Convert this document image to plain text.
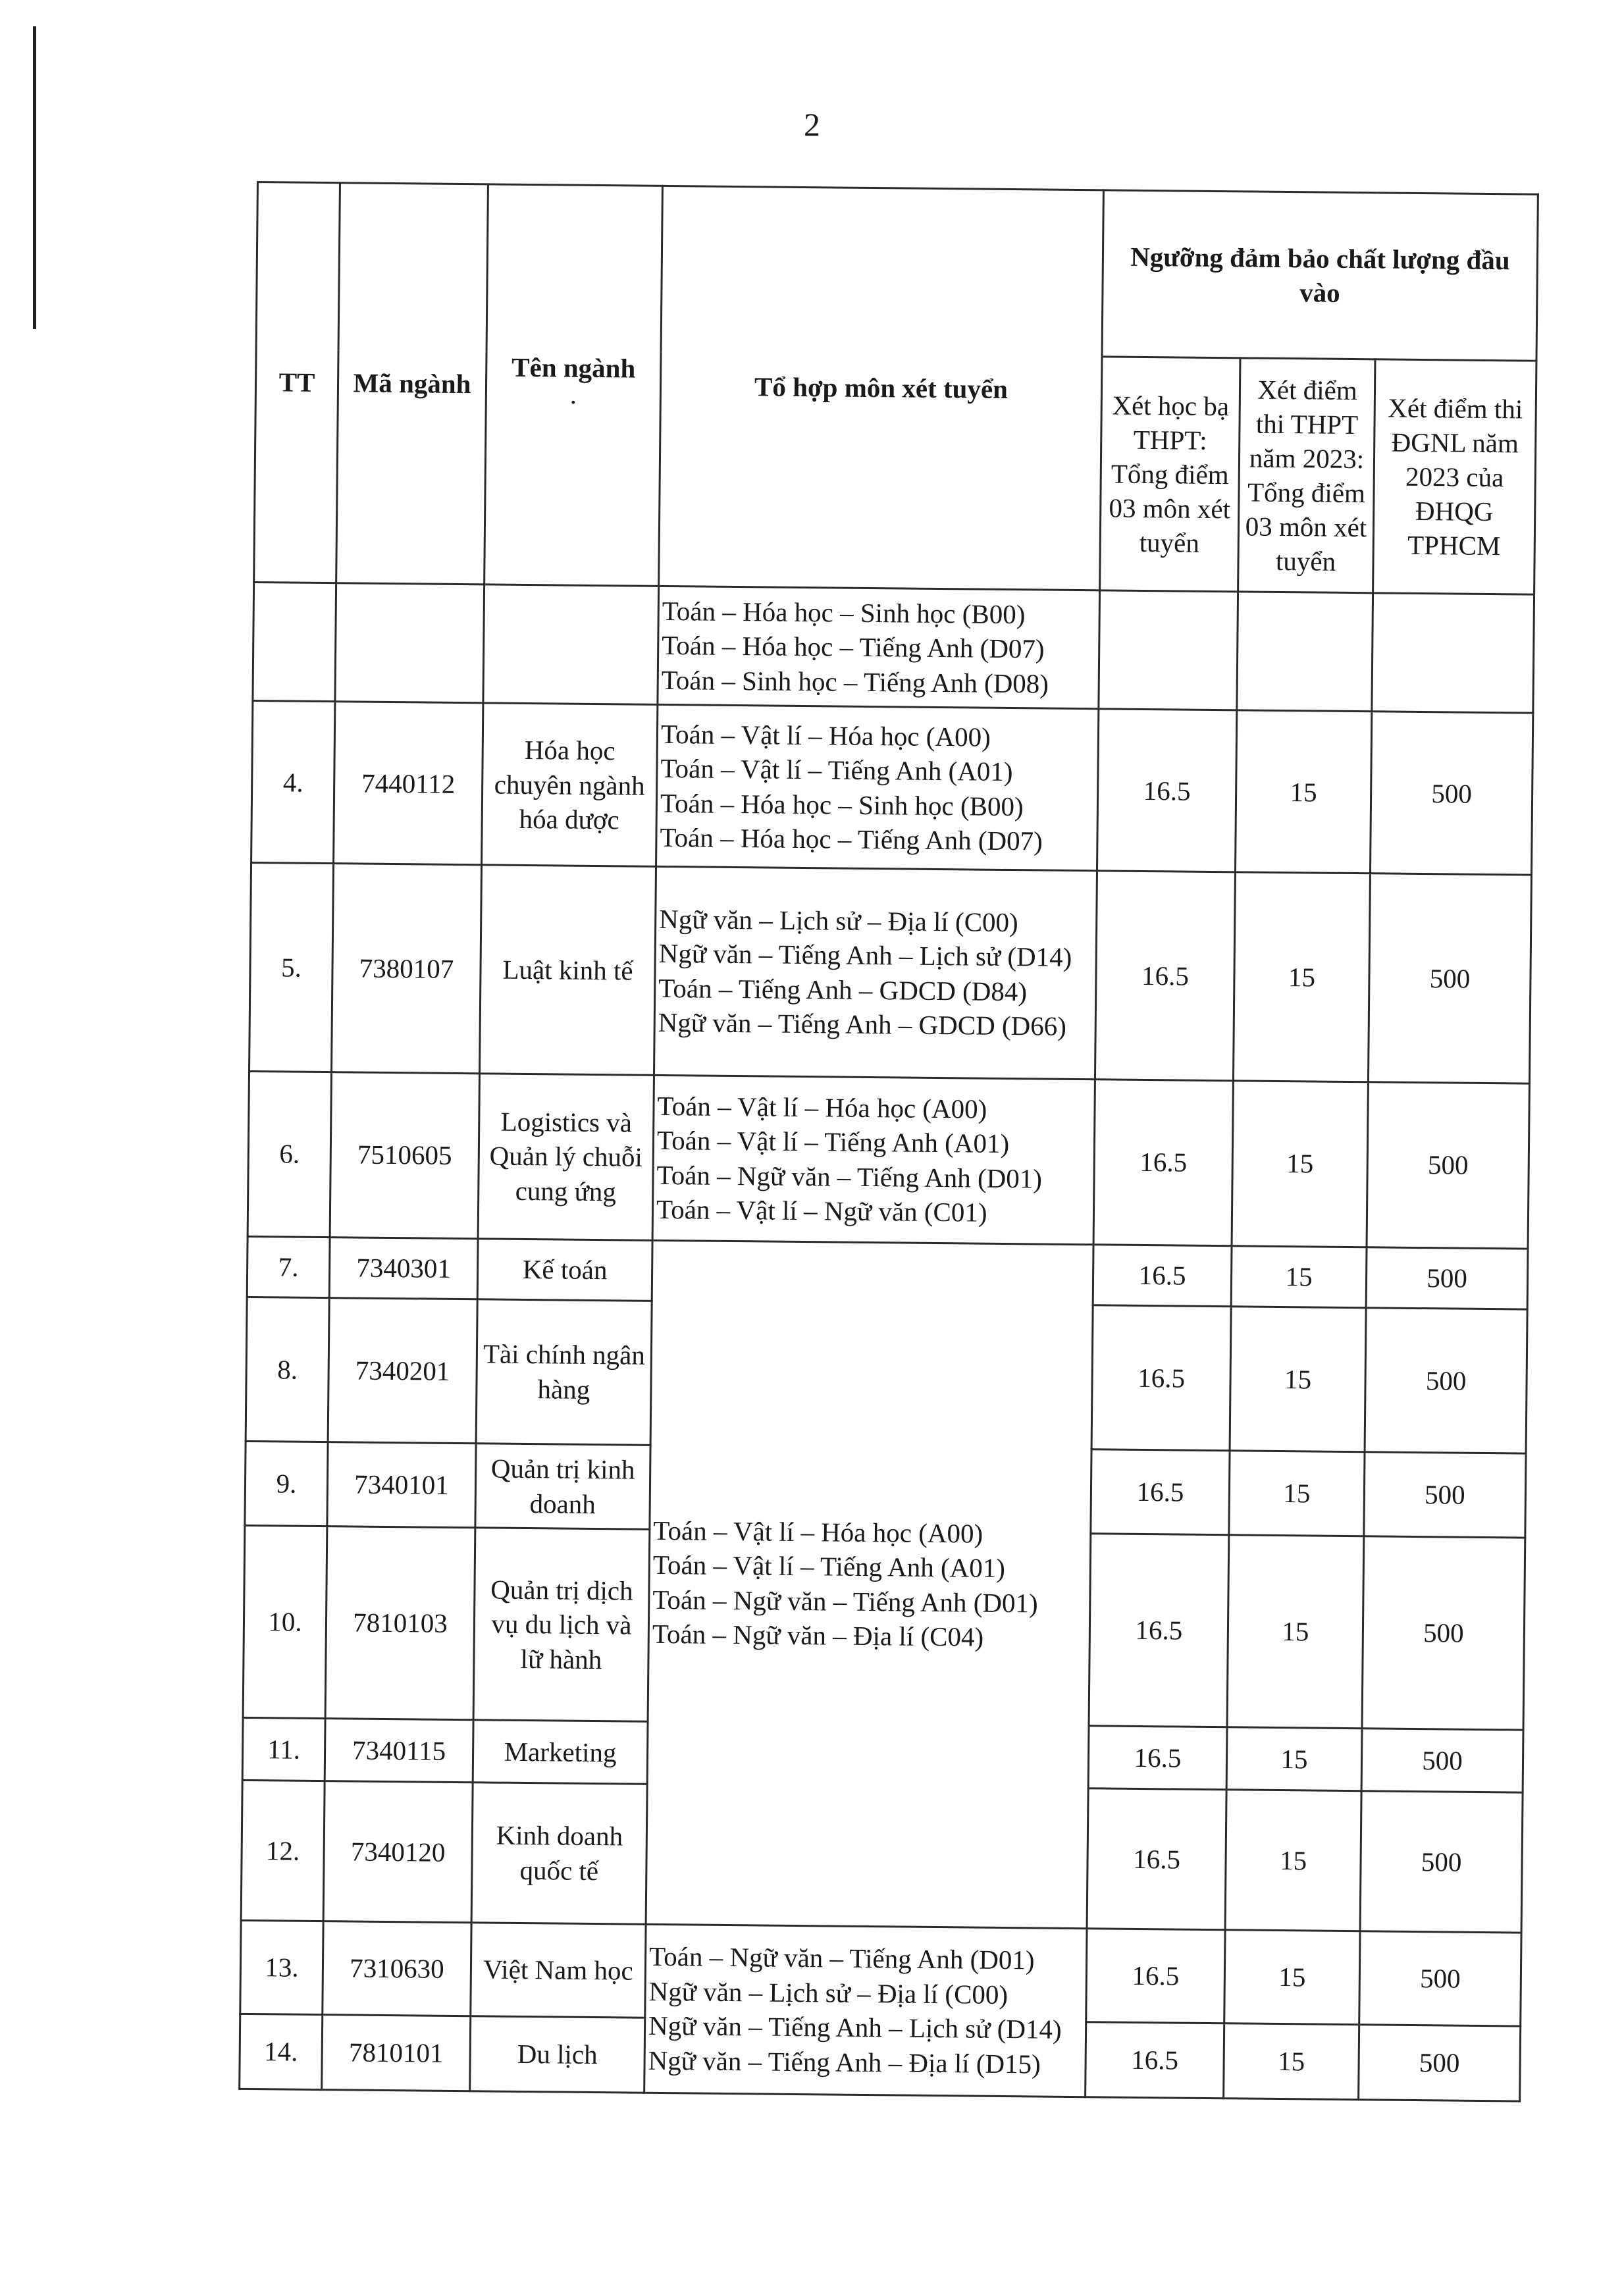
2
TT	Mã ngành	Tên ngành
·	Tổ hợp môn xét tuyển	Ngưỡng đảm bảo chất lượng đầu vào		
				Xét học bạ THPT: Tổng điểm 03 môn xét tuyển	Xét điểm thi THPT năm 2023: Tổng điểm 03 môn xét tuyển	Xét điểm thi ĐGNL năm 2023 của ĐHQG TPHCM

			Toán – Hóa học – Sinh học (B00)
Toán – Hóa học – Tiếng Anh (D07)
Toán – Sinh học – Tiếng Anh (D08)			

4.	7440112	Hóa học chuyên ngành hóa dược	Toán – Vật lí – Hóa học (A00)
Toán – Vật lí – Tiếng Anh (A01)
Toán – Hóa học – Sinh học (B00)
Toán – Hóa học – Tiếng Anh (D07)	16.5	15	500
5.	7380107	Luật kinh tế	Ngữ văn – Lịch sử – Địa lí (C00)
Ngữ văn – Tiếng Anh – Lịch sử (D14)
Toán – Tiếng Anh – GDCD (D84)
Ngữ văn – Tiếng Anh – GDCD (D66)	16.5	15	500
6.	7510605	Logistics và Quản lý chuỗi cung ứng	Toán – Vật lí – Hóa học (A00)
Toán – Vật lí – Tiếng Anh (A01)
Toán – Ngữ văn – Tiếng Anh (D01)
Toán – Vật lí – Ngữ văn (C01)	16.5	15	500
7.	7340301	Kế toán	Toán – Vật lí – Hóa học (A00)
Toán – Vật lí – Tiếng Anh (A01)
Toán – Ngữ văn – Tiếng Anh (D01)
Toán – Ngữ văn – Địa lí (C04)	16.5	15	500
8.	7340201	Tài chính ngân hàng		16.5	15	500
9.	7340101	Quản trị kinh doanh		16.5	15	500
10.	7810103	Quản trị dịch vụ du lịch và lữ hành		16.5	15	500
11.	7340115	Marketing		16.5	15	500
12.	7340120	Kinh doanh quốc tế		16.5	15	500
13.	7310630	Việt Nam học	Toán – Ngữ văn – Tiếng Anh (D01)
Ngữ văn – Lịch sử – Địa lí (C00)
Ngữ văn – Tiếng Anh – Lịch sử (D14)
Ngữ văn – Tiếng Anh – Địa lí (D15)	16.5	15	500
14.	7810101	Du lịch		16.5	15	500
